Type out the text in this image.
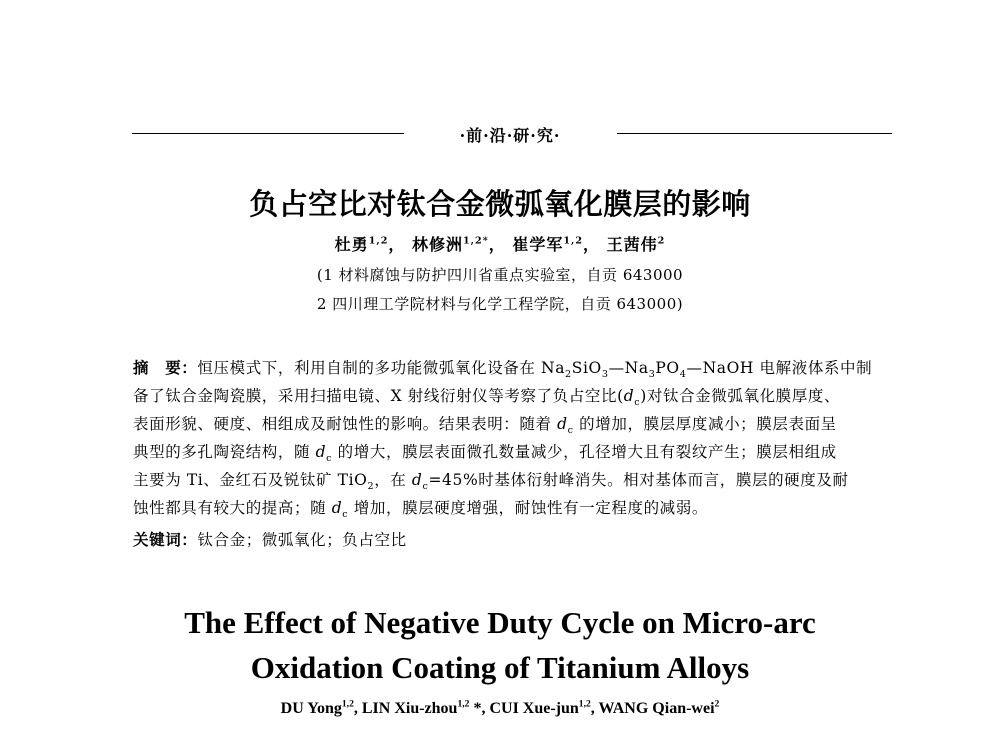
·前·沿·研·究·
负占空比对钛合金微弧氧化膜层的影响
杜勇$^{1,2}$， 林修洲$^{1,2*}$， 崔学军$^{1,2}$， 王茜伟$^2$
(1 材料腐蚀与防护四川省重点实验室，自贡 643000
2 四川理工学院材料与化学工程学院，自贡 643000)
摘　要：恒压模式下，利用自制的多功能微弧氧化设备在 $Na_2SiO_3—Na_3PO_4—NaOH$ 电解液体系中制
备了钛合金陶瓷膜，采用扫描电镜、X 射线衍射仪等考察了负占空比$(d_c)$对钛合金微弧氧化膜厚度、
表面形貌、硬度、相组成及耐蚀性的影响。结果表明：随着 $d_c$ 的增加，膜层厚度减小；膜层表面呈
典型的多孔陶瓷结构，随 $d_c$ 的增大，膜层表面微孔数量减少，孔径增大且有裂纹产生；膜层相组成
主要为 Ti、金红石及锐钛矿 TiO$_2$，在 $d_c=45\%$时基体衍射峰消失。相对基体而言，膜层的硬度及耐
蚀性都具有较大的提高；随 $d_c$ 增加，膜层硬度增强，耐蚀性有一定程度的减弱。
关键词：钛合金；微弧氧化；负占空比
The Effect of Negative Duty Cycle on Micro-arc
Oxidation Coating of Titanium Alloys
DU Yong$^{1,2}$, LIN Xiu-zhou$^{1,2}$ *, CUI Xue-jun$^{1,2}$, WANG Qian-wei$^2$
